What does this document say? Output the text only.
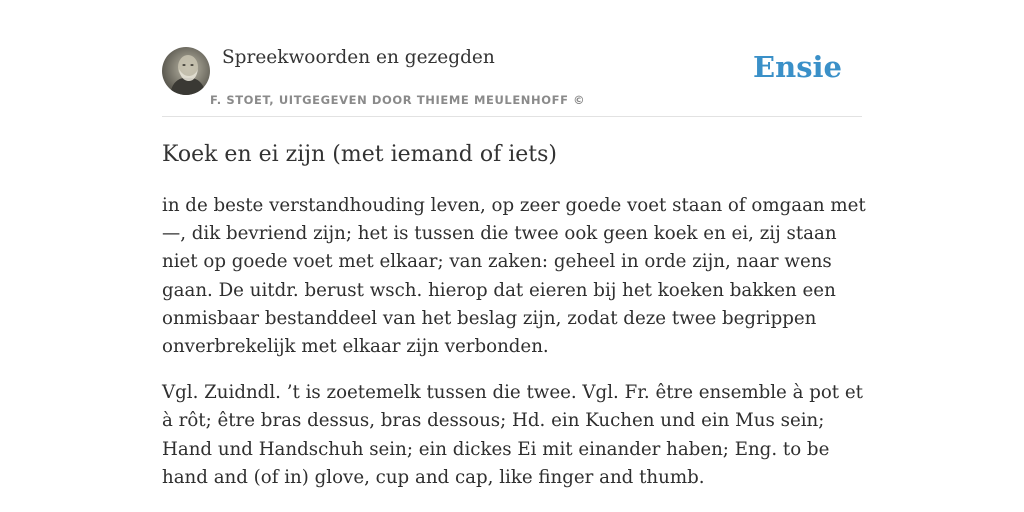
Spreekwoorden en gezegden
F. STOET, UITGEGEVEN DOOR THIEME MEULENHOFF ©
Ensie
Koek en ei zijn (met iemand of iets)

in de beste verstandhouding leven, op zeer goede voet staan of omgaan met —, dik bevriend zijn; het is tussen die twee ook geen koek en ei, zij staan niet op goede voet met elkaar; van zaken: geheel in orde zijn, naar wens gaan. De uitdr. berust wsch. hierop dat eieren bij het koeken bakken een onmisbaar bestanddeel van het beslag zijn, zodat deze twee begrippen onverbrekelijk met elkaar zijn verbonden.

Vgl. Zuidndl. ’t is zoetemelk tussen die twee. Vgl. Fr. être ensemble à pot et à rôt; être bras dessus, bras dessous; Hd. ein Kuchen und ein Mus sein; Hand und Handschuh sein; ein dickes Ei mit einander haben; Eng. to be hand and (of in) glove, cup and cap, like finger and thumb.
